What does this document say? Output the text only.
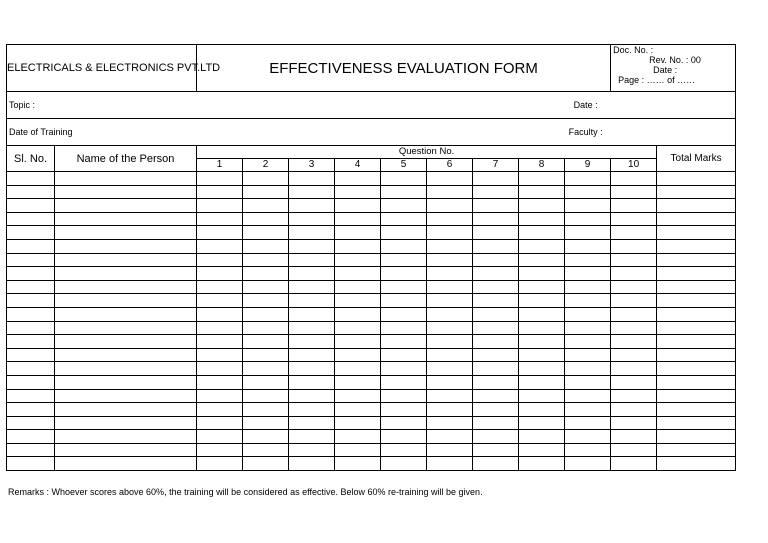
ELECTRICALS & ELECTRONICS PVT.LTD		EFFECTIVENESS EVALUATION FORM									Doc. No. :
Rev. No. : 00
Date :
Page : …… of ……	

Topic :											Date :	
Date of Training											Faculty :	
Sl. No.	Name of the Person	Question No.										Total Marks
		1	2	3	4	5	6	7	8	9	10	

Remarks : Whoever scores above 60%, the training will be considered as effective. Below 60% re-training will be given.
